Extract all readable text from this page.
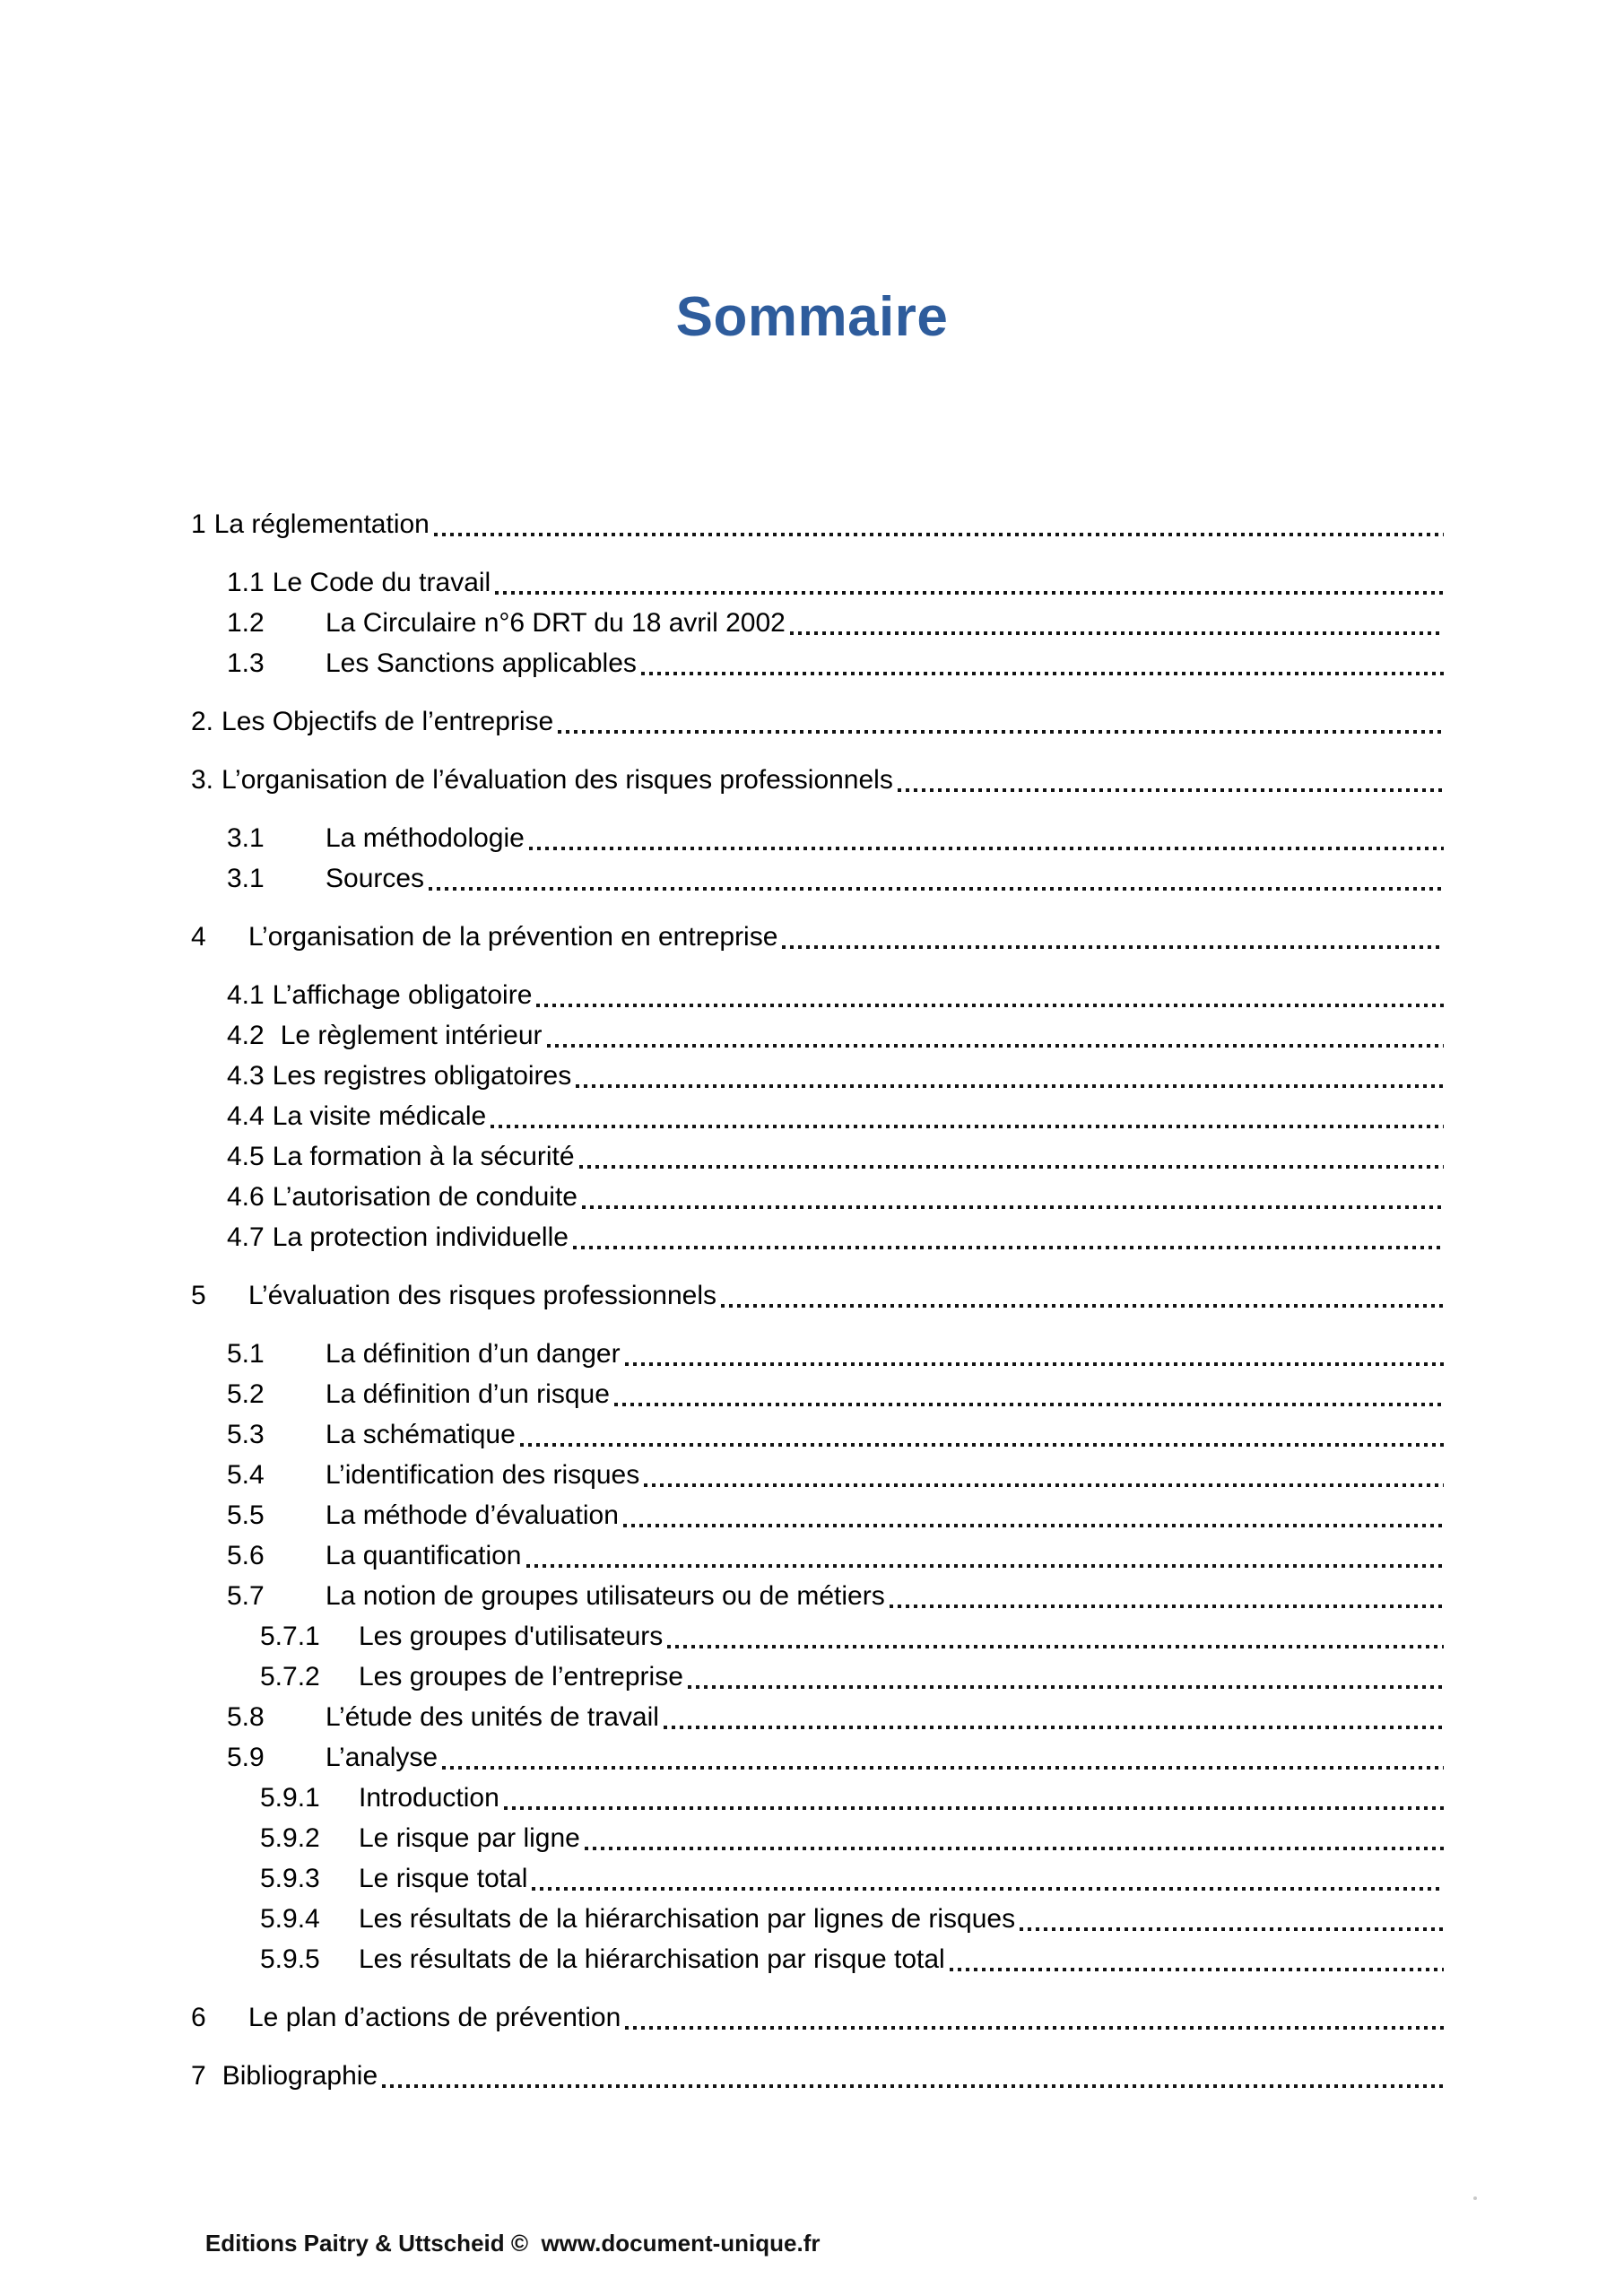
Sommaire
1 La réglementation
1.1 Le Code du travail
1.2	La Circulaire n°6 DRT du 18 avril 2002
1.3	Les Sanctions applicables
2. Les Objectifs de l’entreprise
3. L’organisation de l’évaluation des risques professionnels
3.1	La méthodologie
3.1	Sources
4	L’organisation de la prévention en entreprise
4.1 L’affichage obligatoire
4.2 Le règlement intérieur
4.3 Les registres obligatoires
4.4 La visite médicale
4.5 La formation à la sécurité
4.6 L’autorisation de conduite
4.7 La protection individuelle
5	L’évaluation des risques professionnels
5.1	La définition d’un danger
5.2	La définition d’un risque
5.3	La schématique
5.4	L’identification des risques
5.5	La méthode d’évaluation
5.6	La quantification
5.7	La notion de groupes utilisateurs ou de métiers
5.7.1	Les groupes d'utilisateurs
5.7.2	Les groupes de l’entreprise
5.8	L’étude des unités de travail
5.9	L’analyse
5.9.1	Introduction
5.9.2	Le risque par ligne
5.9.3	Le risque total
5.9.4	Les résultats de la hiérarchisation par lignes de risques
5.9.5	Les résultats de la hiérarchisation par risque total
6	Le plan d’actions de prévention
7 Bibliographie

Editions Paitry & Uttscheid ©  www.document-unique.fr
